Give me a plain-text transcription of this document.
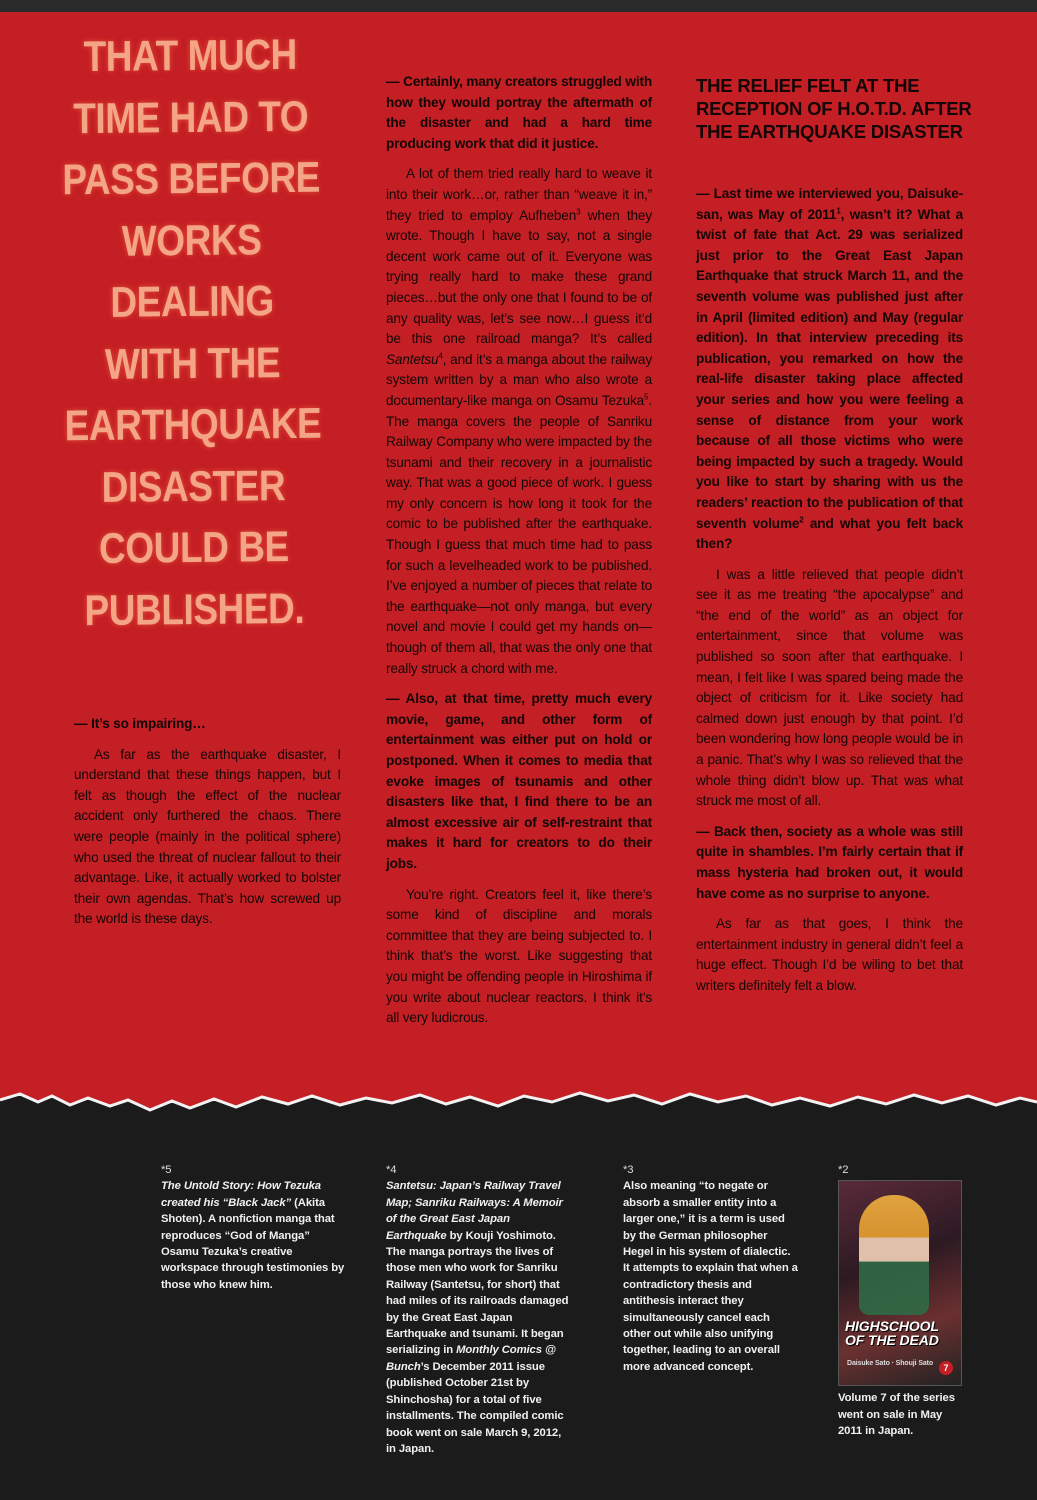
THAT MUCH
TIME HAD TO
PASS BEFORE
WORKS
DEALING
WITH THE
EARTHQUAKE
DISASTER
COULD BE
PUBLISHED.

— It’s so impairing…

As far as the earthquake disaster, I understand that these things happen, but I felt as though the effect of the nuclear accident only furthered the chaos. There were people (mainly in the political sphere) who used the threat of nuclear fallout to their advantage. Like, it actually worked to bolster their own agendas. That’s how screwed up the world is these days.

— Certainly, many creators struggled with how they would portray the aftermath of the disaster and had a hard time producing work that did it justice.

A lot of them tried really hard to weave it into their work…or, rather than “weave it in,” they tried to employ Aufheben$^3$ when they wrote. Though I have to say, not a single decent work came out of it. Everyone was trying really hard to make these grand pieces…but the only one that I found to be of any quality was, let’s see now…I guess it’d be this one railroad manga? It’s called Santetsu$^4$, and it’s a manga about the railway system written by a man who also wrote a documentary-like manga on Osamu Tezuka$^5$. The manga covers the people of Sanriku Railway Company who were impacted by the tsunami and their recovery in a journalistic way. That was a good piece of work. I guess my only concern is how long it took for the comic to be published after the earthquake. Though I guess that much time had to pass for such a levelheaded work to be published. I’ve enjoyed a number of pieces that relate to the earthquake—not only manga, but every novel and movie I could get my hands on—though of them all, that was the only one that really struck a chord with me.

— Also, at that time, pretty much every movie, game, and other form of entertainment was either put on hold or postponed. When it comes to media that evoke images of tsunamis and other disasters like that, I find there to be an almost excessive air of self-restraint that makes it hard for creators to do their jobs.

You’re right. Creators feel it, like there’s some kind of discipline and morals committee that they are being subjected to. I think that’s the worst. Like suggesting that you might be offending people in Hiroshima if you write about nuclear reactors. I think it’s all very ludicrous.

THE RELIEF FELT AT THE RECEPTION OF H.O.T.D. AFTER THE EARTHQUAKE DISASTER

— Last time we interviewed you, Daisuke-san, was May of 2011$^1$, wasn’t it? What a twist of fate that Act. 29 was serialized just prior to the Great East Japan Earthquake that struck March 11, and the seventh volume was published just after in April (limited edition) and May (regular edition). In that interview preceding its publication, you remarked on how the real-life disaster taking place affected your series and how you were feeling a sense of distance from your work because of all those victims who were being impacted by such a tragedy. Would you like to start by sharing with us the readers’ reaction to the publication of that seventh volume$^2$ and what you felt back then?

I was a little relieved that people didn’t see it as me treating “the apocalypse” and “the end of the world” as an object for entertainment, since that volume was published so soon after that earthquake. I mean, I felt like I was spared being made the object of criticism for it. Like society had calmed down just enough by that point. I’d been wondering how long people would be in a panic. That’s why I was so relieved that the whole thing didn’t blow up. That was what struck me most of all.

— Back then, society as a whole was still quite in shambles. I’m fairly certain that if mass hysteria had broken out, it would have come as no surprise to anyone.

As far as that goes, I think the entertainment industry in general didn’t feel a huge effect. Though I’d be wiling to bet that writers definitely felt a blow.

*5
The Untold Story: How Tezuka created his “Black Jack” (Akita Shoten). A nonfiction manga that reproduces “God of Manga” Osamu Tezuka’s creative workspace through testimonies by those who knew him.
*4
Santetsu: Japan’s Railway Travel Map; Sanriku Railways: A Memoir of the Great East Japan Earthquake by Kouji Yoshimoto. The manga portrays the lives of those men who work for Sanriku Railway (Santetsu, for short) that had miles of its railroads damaged by the Great East Japan Earthquake and tsunami. It began serializing in Monthly Comics @ Bunch’s December 2011 issue (published October 21st by Shinchosha) for a total of five installments. The compiled comic book went on sale March 9, 2012, in Japan.
*3
Also meaning “to negate or absorb a smaller entity into a larger one,” it is a term is used by the German philosopher Hegel in his system of dialectic. It attempts to explain that when a contradictory thesis and antithesis interact they simultaneously cancel each other out while also unifying together, leading to an overall more advanced concept.
*2
HIGHSCHOOL OF THE DEAD
Daisuke Sato · Shouji Sato	7
Volume 7 of the series went on sale in May 2011 in Japan.
